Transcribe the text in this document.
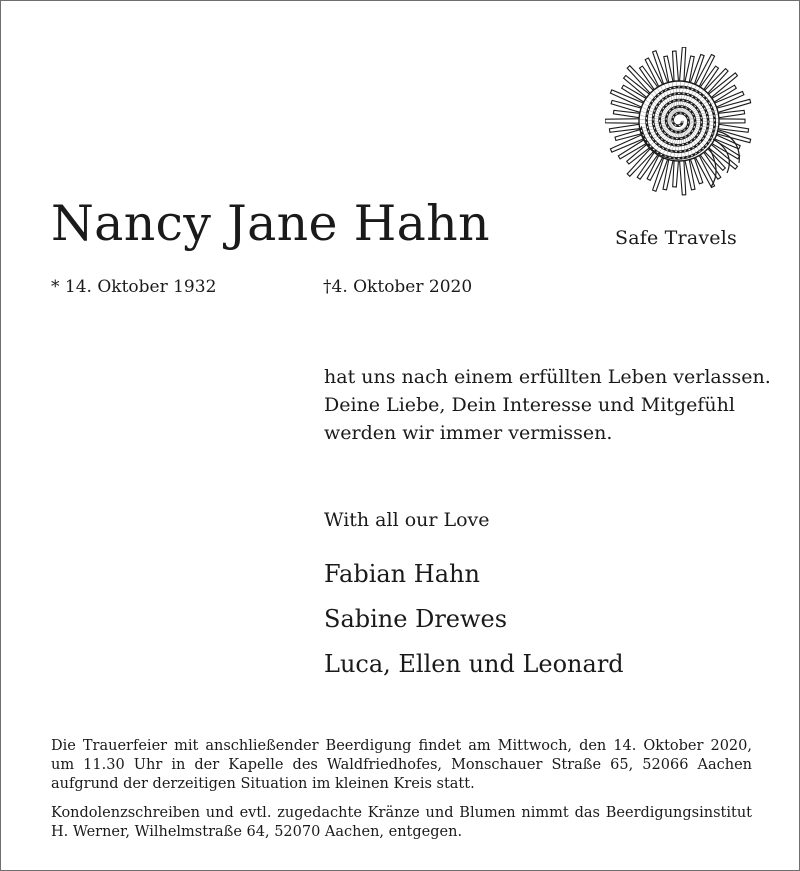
Safe Travels
Nancy Jane Hahn
* 14. Oktober 1932	†4. Oktober 2020
hat uns nach einem erfüllten Leben verlassen.
Deine Liebe, Dein Interesse und Mitgefühl
werden wir immer vermissen.
With all our Love
Fabian Hahn
Sabine Drewes
Luca, Ellen und Leonard
Die Trauerfeier mit anschließender Beerdigung findet am Mittwoch, den 14. Oktober 2020, um 11.30 Uhr in der Kapelle des Waldfriedhofes, Monschauer Straße 65, 52066 Aachen aufgrund der derzeitigen Situation im kleinen Kreis statt.
Kondolenzschreiben und evtl. zugedachte Kränze und Blumen nimmt das Beerdigungsinstitut H. Werner, Wilhelmstraße 64, 52070 Aachen, entgegen.
